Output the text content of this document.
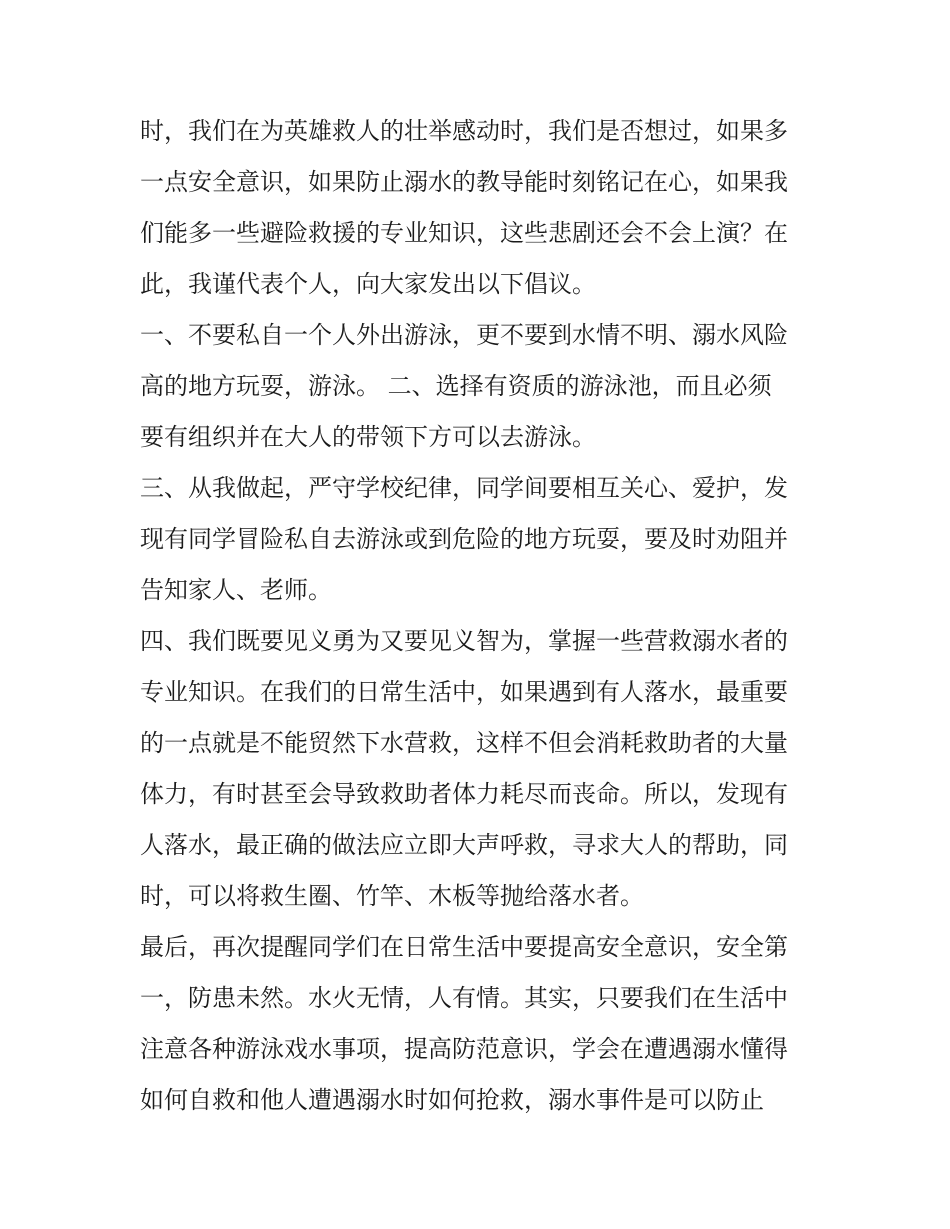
时，我们在为英雄救人的壮举感动时，我们是否想过，如果多
一点安全意识，如果防止溺水的教导能时刻铭记在心，如果我
们能多一些避险救援的专业知识，这些悲剧还会不会上演？在
此，我谨代表个人，向大家发出以下倡议。
一、不要私自一个人外出游泳，更不要到水情不明、溺水风险
高的地方玩耍，游泳。 二、选择有资质的游泳池，而且必须
要有组织并在大人的带领下方可以去游泳。
三、从我做起，严守学校纪律，同学间要相互关心、爱护，发
现有同学冒险私自去游泳或到危险的地方玩耍，要及时劝阻并
告知家人、老师。
四、我们既要见义勇为又要见义智为，掌握一些营救溺水者的
专业知识。在我们的日常生活中，如果遇到有人落水，最重要
的一点就是不能贸然下水营救，这样不但会消耗救助者的大量
体力，有时甚至会导致救助者体力耗尽而丧命。所以，发现有
人落水，最正确的做法应立即大声呼救，寻求大人的帮助，同
时，可以将救生圈、竹竿、木板等抛给落水者。
最后，再次提醒同学们在日常生活中要提高安全意识，安全第
一，防患未然。水火无情，人有情。其实，只要我们在生活中
注意各种游泳戏水事项，提高防范意识，学会在遭遇溺水懂得
如何自救和他人遭遇溺水时如何抢救，溺水事件是可以防止
